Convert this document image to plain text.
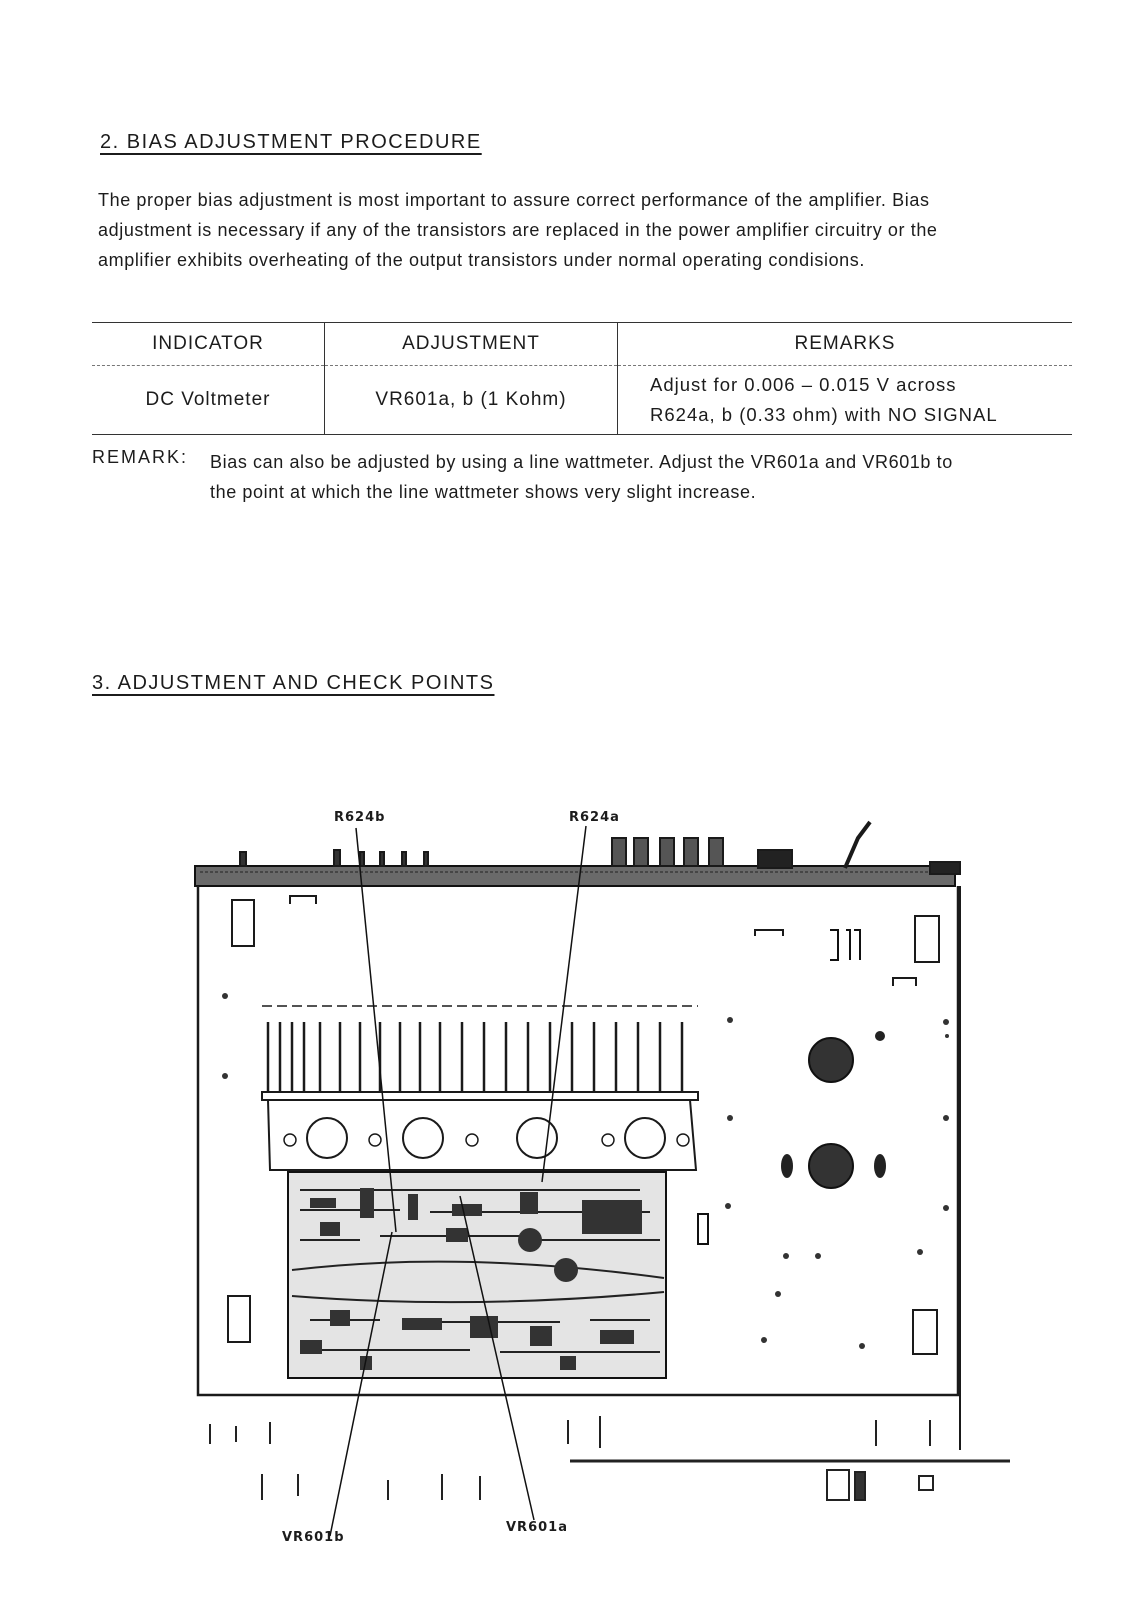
2. BIAS ADJUSTMENT PROCEDURE
The proper bias adjustment is most important to assure correct performance of the amplifier. Bias
adjustment is necessary if any of the transistors are replaced in the power amplifier circuitry or the
amplifier exhibits overheating of the output transistors under normal operating condisions.
INDICATOR	ADJUSTMENT	REMARKS
DC Voltmeter	VR601a, b (1 Kohm)	Adjust for 0.006 – 0.015 V across
R624a, b (0.33 ohm) with NO SIGNAL
REMARK: Bias can also be adjusted by using a line wattmeter. Adjust the VR601a and VR601b to
the point at which the line wattmeter shows very slight increase.
3. ADJUSTMENT AND CHECK POINTS
R624b	R624a
VR601b
VR601a
